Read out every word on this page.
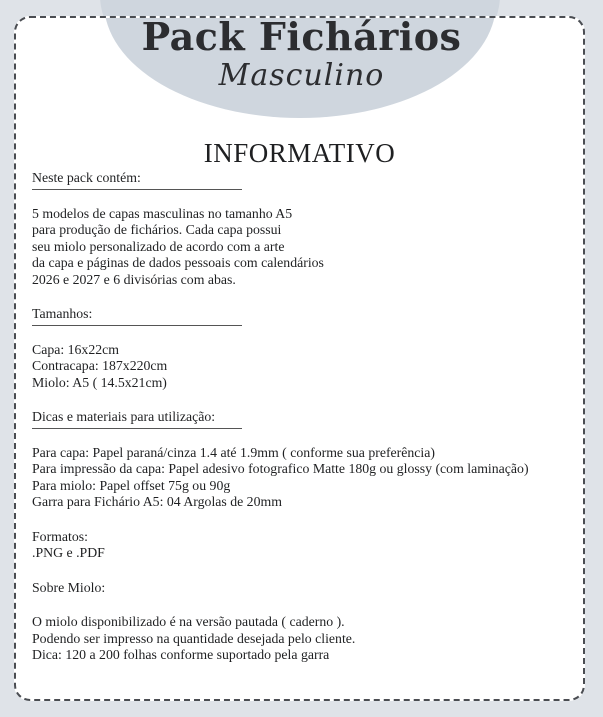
Pack Fichários
Masculino
INFORMATIVO
Neste pack contém:
5 modelos de capas masculinas no tamanho A5
para produção de fichários. Cada capa possui
seu miolo personalizado de acordo com a arte
da capa e páginas de dados pessoais com calendários
2026 e 2027 e 6 divisórias com abas.
Tamanhos:
Capa: 16x22cm
Contracapa: 187x220cm
Miolo: A5 ( 14.5x21cm)
Dicas e materiais para utilização:
Para capa: Papel paraná/cinza 1.4 até 1.9mm ( conforme sua preferência)
Para impressão da capa: Papel adesivo fotografico Matte 180g ou glossy (com laminação)
Para miolo: Papel offset 75g ou 90g
Garra para Fichário A5: 04 Argolas de 20mm
Formatos:
.PNG e .PDF
Sobre Miolo:
O miolo disponibilizado é na versão pautada ( caderno ).
Podendo ser impresso na quantidade desejada pelo cliente.
Dica: 120 a 200 folhas conforme suportado pela garra
